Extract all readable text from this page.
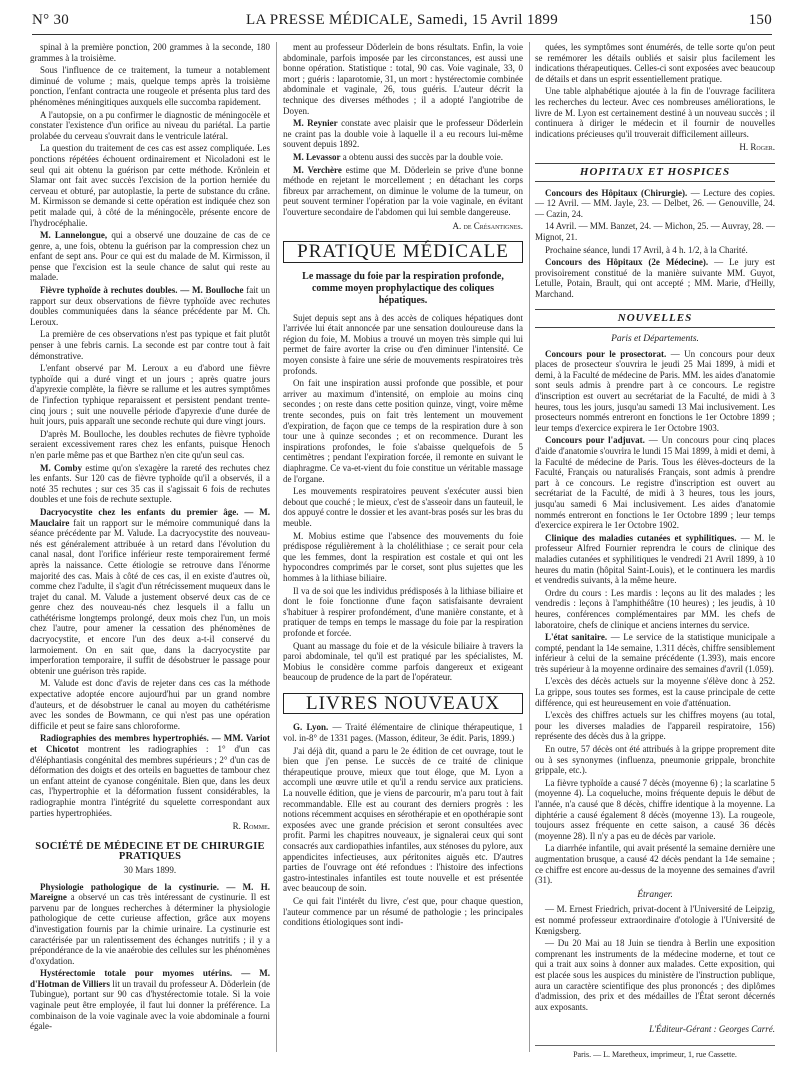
N° 30	LA PRESSE MÉDICALE, Samedi, 15 Avril 1899	150

spinal à la première ponction, 200 grammes à la seconde, 180 grammes à la troisième.

Sous l'influence de ce traitement, la tumeur a notablement diminué de volume ; mais, quelque temps après la troisième ponction, l'enfant contracta une rougeole et présenta plus tard des phénomènes méningitiques auxquels elle succomba rapidement.

A l'autopsie, on a pu confirmer le diagnostic de méningocèle et constater l'existence d'un orifice au niveau du pariétal. La partie prolabée du cerveau s'ouvrait dans le ventricule latéral.

La question du traitement de ces cas est assez compliquée. Les ponctions répétées échouent ordinairement et Nicoladoni est le seul qui ait obtenu la guérison par cette méthode. Krönlein et Slamar ont fait avec succès l'excision de la portion herniée du cerveau et obturé, par autoplastie, la perte de substance du crâne. M. Kirmisson se demande si cette opération est indiquée chez son petit malade qui, à côté de la méningocèle, présente encore de l'hydrocéphalie.

M. Lannelongue, qui a observé une douzaine de cas de ce genre, a, une fois, obtenu la guérison par la compression chez un enfant de sept ans. Pour ce qui est du malade de M. Kirmisson, il pense que l'excision est la seule chance de salut qui reste au malade.

Fièvre typhoïde à rechutes doubles. — M. Boulloche fait un rapport sur deux observations de fièvre typhoïde avec rechutes doubles communiquées dans la séance précédente par M. Ch. Leroux.

La première de ces observations n'est pas typique et fait plutôt penser à une febris carnis. La seconde est par contre tout à fait démonstrative.

L'enfant observé par M. Leroux a eu d'abord une fièvre typhoïde qui a duré vingt et un jours ; après quatre jours d'apyrexie complète, la fièvre se rallume et les autres symptômes de l'infection typhique reparaissent et persistent pendant trente-cinq jours ; suit une nouvelle période d'apyrexie d'une durée de huit jours, puis apparaît une seconde rechute qui dure vingt jours.

D'après M. Boulloche, les doubles rechutes de fièvre typhoïde seraient excessivement rares chez les enfants, puisque Henoch n'en parle même pas et que Barthez n'en cite qu'un seul cas.

M. Comby estime qu'on s'exagère la rareté des rechutes chez les enfants. Sur 120 cas de fièvre typhoïde qu'il a observés, il a noté 35 rechutes ; sur ces 35 cas il s'agissait 6 fois de rechutes doubles et une fois de rechute sextuple.

Dacryocystite chez les enfants du premier âge. — M. Mauclaire fait un rapport sur le mémoire communiqué dans la séance précédente par M. Valude. La dacryocystite des nouveau-nés est généralement attribuée à un retard dans l'évolution du canal nasal, dont l'orifice inférieur reste temporairement fermé après la naissance. Cette étiologie se retrouve dans l'énorme majorité des cas. Mais à côté de ces cas, il en existe d'autres où, comme chez l'adulte, il s'agit d'un rétrécissement muqueux dans le trajet du canal. M. Valude a justement observé deux cas de ce genre chez des nouveau-nés chez lesquels il a fallu un cathétérisme longtemps prolongé, deux mois chez l'un, un mois chez l'autre, pour amener la cessation des phénomènes de dacryocystite, et encore l'un des deux a-t-il conservé du larmoiement. On en sait que, dans la dacryocystite par imperforation temporaire, il suffit de désobstruer le passage pour obtenir une guérison très rapide.

M. Valude est donc d'avis de rejeter dans ces cas la méthode expectative adoptée encore aujourd'hui par un grand nombre d'auteurs, et de désobstruer le canal au moyen du cathétérisme avec les sondes de Bowmann, ce qui n'est pas une opération difficile et peut se faire sans chloroforme.

Radiographies des membres hypertrophiés. — MM. Variot et Chicotot montrent les radiographies : 1° d'un cas d'éléphantiasis congénital des membres supérieurs ; 2° d'un cas de déformation des doigts et des orteils en baguettes de tambour chez un enfant atteint de cyanose congénitale. Bien que, dans les deux cas, l'hypertrophie et la déformation fussent considérables, la radiographie montra l'intégrité du squelette correspondant aux parties hypertrophiées.

R. Romme.

SOCIÉTÉ DE MÉDECINE ET DE CHIRURGIE PRATIQUES

30 Mars 1899.

Physiologie pathologique de la cystinurie. — M. H. Mareigne a observé un cas très intéressant de cystinurie. Il est parvenu par de longues recherches à déterminer la physiologie pathologique de cette curieuse affection, grâce aux moyens d'investigation fournis par la chimie urinaire. La cystinurie est caractérisée par un ralentissement des échanges nutritifs ; il y a prépondérance de la vie anaérobie des cellules sur les phénomènes d'oxydation.

Hystérectomie totale pour myomes utérins. — M. d'Hotman de Villiers lit un travail du professeur A. Döderlein (de Tubingue), portant sur 90 cas d'hystérectomie totale. Si la voie vaginale peut être employée, il faut lui donner la préférence. La combinaison de la voie vaginale avec la voie abdominale a fourni égale-

ment au professeur Döderlein de bons résultats. Enfin, la voie abdominale, parfois imposée par les circonstances, est aussi une bonne opération. Statistique : total, 90 cas. Voie vaginale, 33, 0 mort ; guéris : laparotomie, 31, un mort : hystérectomie combinée abdominale et vaginale, 26, tous guéris. L'auteur décrit la technique des diverses méthodes ; il a adopté l'angiotribe de Doyen.

M. Reynier constate avec plaisir que le professeur Döderlein ne craint pas la double voie à laquelle il a eu recours lui-même souvent depuis 1892.

M. Levassor a obtenu aussi des succès par la double voie.

M. Verchère estime que M. Döderlein se prive d'une bonne méthode en rejetant le morcellement ; en détachant les corps fibreux par arrachement, on diminue le volume de la tumeur, on peut souvent terminer l'opération par la voie vaginale, en évitant l'ouverture secondaire de l'abdomen qui lui semble dangereuse.

A. de Crésantignes.

PRATIQUE MÉDICALE

Le massage du foie par la respiration profonde, comme moyen prophylactique des coliques hépatiques.

Sujet depuis sept ans à des accès de coliques hépatiques dont l'arrivée lui était annoncée par une sensation douloureuse dans la région du foie, M. Mobius a trouvé un moyen très simple qui lui permet de faire avorter la crise ou d'en diminuer l'intensité. Ce moyen consiste à faire une série de mouvements respiratoires très profonds.

On fait une inspiration aussi profonde que possible, et pour arriver au maximum d'intensité, on emploie au moins cinq secondes ; on reste dans cette position quinze, vingt, voire même trente secondes, puis on fait très lentement un mouvement d'expiration, de façon que ce temps de la respiration dure à son tour une à quinze secondes ; et on recommence. Durant les inspirations profondes, le foie s'abaisse quelquefois de 5 centimètres ; pendant l'expiration forcée, il remonte en suivant le diaphragme. Ce va-et-vient du foie constitue un véritable massage de l'organe.

Les mouvements respiratoires peuvent s'exécuter aussi bien debout que couché ; le mieux, c'est de s'asseoir dans un fauteuil, le dos appuyé contre le dossier et les avant-bras posés sur les bras du meuble.

M. Mobius estime que l'absence des mouvements du foie prédispose régulièrement à la cholélithiase ; ce serait pour cela que les femmes, dont la respiration est costale et qui ont les hypocondres comprimés par le corset, sont plus sujettes que les hommes à la lithiase biliaire.

Il va de soi que les individus prédisposés à la lithiase biliaire et dont le foie fonctionne d'une façon satisfaisante devraient s'habituer à respirer profondément, d'une manière constante, et à pratiquer de temps en temps le massage du foie par la respiration profonde et forcée.

Quant au massage du foie et de la vésicule biliaire à travers la paroi abdominale, tel qu'il est pratiqué par les spécialistes, M. Mobius le considère comme parfois dangereux et exigeant beaucoup de prudence de la part de l'opérateur.

LIVRES NOUVEAUX

G. Lyon. — Traité élémentaire de clinique thérapeutique, 1 vol. in-8° de 1331 pages. (Masson, éditeur, 3e édit. Paris, 1899.)

J'ai déjà dit, quand a paru le 2e édition de cet ouvrage, tout le bien que j'en pense. Le succès de ce traité de clinique thérapeutique prouve, mieux que tout éloge, que M. Lyon a accompli une œuvre utile et qu'il a rendu service aux praticiens. La nouvelle édition, que je viens de parcourir, m'a paru tout à fait recommandable. Elle est au courant des derniers progrès : les notions récemment acquises en sérothérapie et en opothérapie sont exposées avec une grande précision et seront consultées avec profit. Parmi les chapitres nouveaux, je signalerai ceux qui sont consacrés aux cardiopathies infantiles, aux sténoses du pylore, aux appendicites infectieuses, aux péritonites aiguës etc. D'autres parties de l'ouvrage ont été refondues : l'histoire des infections gastro-intestinales infantiles est toute nouvelle et est présentée avec beaucoup de soin.

Ce qui fait l'intérêt du livre, c'est que, pour chaque question, l'auteur commence par un résumé de pathologie ; les principales conditions étiologiques sont indi-

quées, les symptômes sont énumérés, de telle sorte qu'on peut se remémorer les détails oubliés et saisir plus facilement les indications thérapeutiques. Celles-ci sont exposées avec beaucoup de détails et dans un esprit essentiellement pratique.

Une table alphabétique ajoutée à la fin de l'ouvrage facilitera les recherches du lecteur. Avec ces nombreuses améliorations, le livre de M. Lyon est certainement destiné à un nouveau succès ; il continuera à diriger le médecin et il fournir de nouvelles indications précieuses qu'il trouverait difficilement ailleurs.

H. Roger.

HOPITAUX ET HOSPICES

Concours des Hôpitaux (Chirurgie). — Lecture des copies. — 12 Avril. — MM. Jayle, 23. — Delbet, 26. — Genouville, 24. — Cazin, 24.

14 Avril. — MM. Banzet, 24. — Michon, 25. — Auvray, 28. — Mignot, 21.

Prochaine séance, lundi 17 Avril, à 4 h. 1/2, à la Charité.

Concours des Hôpitaux (2e Médecine). — Le jury est provisoirement constitué de la manière suivante MM. Guyot, Letulle, Potain, Brault, qui ont accepté ; MM. Marie, d'Heilly, Marchand.

NOUVELLES

Paris et Départements.

Concours pour le prosectorat. — Un concours pour deux places de prosecteur s'ouvrira le jeudi 25 Mai 1899, à midi et demi, à la Faculté de médecine de Paris. MM. les aides d'anatomie sont seuls admis à prendre part à ce concours. Le registre d'inscription est ouvert au secrétariat de la Faculté, de midi à 3 heures, tous les jours, jusqu'au samedi 13 Mai inclusivement. Les prosecteurs nommés entreront en fonctions le 1er Octobre 1899 ; leur temps d'exercice expirera le 1er Octobre 1903.

Concours pour l'adjuvat. — Un concours pour cinq places d'aide d'anatomie s'ouvrira le lundi 15 Mai 1899, à midi et demi, à la Faculté de médecine de Paris. Tous les élèves-docteurs de la Faculté, Français ou naturalisés Français, sont admis à prendre part à ce concours. Le registre d'inscription est ouvert au secrétariat de la Faculté, de midi à 3 heures, tous les jours, jusqu'au samedi 6 Mai inclusivement. Les aides d'anatomie nommés entreront en fonctions le 1er Octobre 1899 ; leur temps d'exercice expirera le 1er Octobre 1902.

Clinique des maladies cutanées et syphilitiques. — M. le professeur Alfred Fournier reprendra le cours de clinique des maladies cutanées et syphilitiques le vendredi 21 Avril 1899, à 10 heures du matin (hôpital Saint-Louis), et le continuera les mardis et vendredis suivants, à la même heure.

Ordre du cours : Les mardis : leçons au lit des malades ; les vendredis : leçons à l'amphithéâtre (10 heures) ; les jeudis, à 10 heures, conférences complémentaires par MM. les chefs de laboratoire, chefs de clinique et anciens internes du service.

L'état sanitaire. — Le service de la statistique municipale a compté, pendant la 14e semaine, 1.311 décès, chiffre sensiblement inférieur à celui de la semaine précédente (1.393), mais encore très supérieur à la moyenne ordinaire des semaines d'avril (1.059).

L'excès des décès actuels sur la moyenne s'élève donc à 252. La grippe, sous toutes ses formes, est la cause principale de cette différence, qui est heureusement en voie d'atténuation.

L'excès des chiffres actuels sur les chiffres moyens (au total, pour les diverses maladies de l'appareil respiratoire, 156) représente des décès dus à la grippe.

En outre, 57 décès ont été attribués à la grippe proprement dite ou à ses synonymes (influenza, pneumonie grippale, bronchite grippale, etc.).

La fièvre typhoïde a causé 7 décès (moyenne 6) ; la scarlatine 5 (moyenne 4). La coqueluche, moins fréquente depuis le début de l'année, n'a causé que 8 décès, chiffre identique à la moyenne. La diphtérie a causé également 8 décès (moyenne 13). La rougeole, toujours assez fréquente en cette saison, a causé 36 décès (moyenne 28). Il n'y a pas eu de décès par variole.

La diarrhée infantile, qui avait présenté la semaine dernière une augmentation brusque, a causé 42 décès pendant la 14e semaine ; ce chiffre est encore au-dessus de la moyenne des semaines d'avril (31).

Étranger.

— M. Ernest Friedrich, privat-docent à l'Université de Leipzig, est nommé professeur extraordinaire d'otologie à l'Université de Kœnigsberg.

— Du 20 Mai au 18 Juin se tiendra à Berlin une exposition comprenant les instruments de la médecine moderne, et tout ce qui a trait aux soins à donner aux malades. Cette exposition, qui est placée sous les auspices du ministère de l'instruction publique, aura un caractère scientifique des plus prononcés ; des diplômes d'admission, des prix et des médailles de l'État seront décernés aux exposants.

L'Éditeur-Gérant : Georges Carré.

Paris. — L. Maretheux, imprimeur, 1, rue Cassette.
